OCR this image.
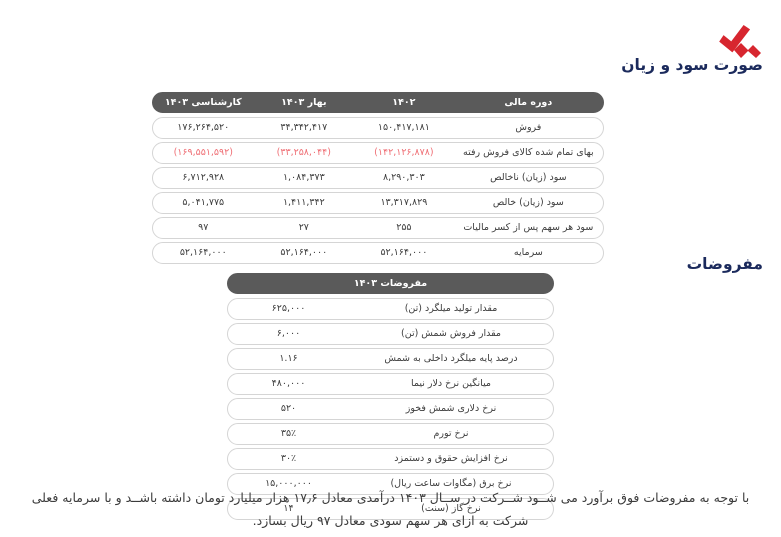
صورت سود و زیان
دوره مالی
۱۴۰۲
بهار ۱۴۰۳
کارشناسی ۱۴۰۳
فروش
۱۵۰,۴۱۷,۱۸۱
۳۴,۳۴۲,۴۱۷
۱۷۶,۲۶۴,۵۲۰
بهای تمام شده کالای فروش رفته
(۱۴۲,۱۲۶,۸۷۸)
(۳۳,۲۵۸,۰۴۴)
(۱۶۹,۵۵۱,۵۹۲)
سود (زیان) ناخالص
۸,۲۹۰,۳۰۳
۱,۰۸۴,۳۷۳
۶,۷۱۲,۹۲۸
سود (زیان) خالص
۱۳,۳۱۷,۸۲۹
۱,۴۱۱,۳۴۲
۵,۰۴۱,۷۷۵
سود هر سهم پس از کسر مالیات
۲۵۵
۲۷
۹۷
سرمایه
۵۲,۱۶۴,۰۰۰
۵۲,۱۶۴,۰۰۰
۵۲,۱۶۴,۰۰۰
مفروضات
مفروضات ۱۴۰۳
مقدار تولید میلگرد (تن)
۶۲۵,۰۰۰
مقدار فروش شمش (تن)
۶,۰۰۰
درصد پایه میلگرد داخلی به شمش
۱.۱۶
میانگین نرخ دلار نیما
۴۸۰,۰۰۰
نرخ دلاری شمش فخوز
۵۲۰
نرخ تورم
۳۵٪
نرخ افزایش حقوق و دستمزد
۳۰٪
نرخ برق (مگاوات ساعت ریال)
۱۵,۰۰۰,۰۰۰
نرخ گاز (سنت)
۱۴
با توجه به مفروضات فوق برآورد می شــود شــرکت در ســال ۱۴۰۳ درآمدی معادل ۱۷٫۶ هزار میلیارد تومان داشته باشــد و با سرمایه فعلی
شرکت به ازای هر سهم سودی معادل ۹۷ ریال بسازد.
